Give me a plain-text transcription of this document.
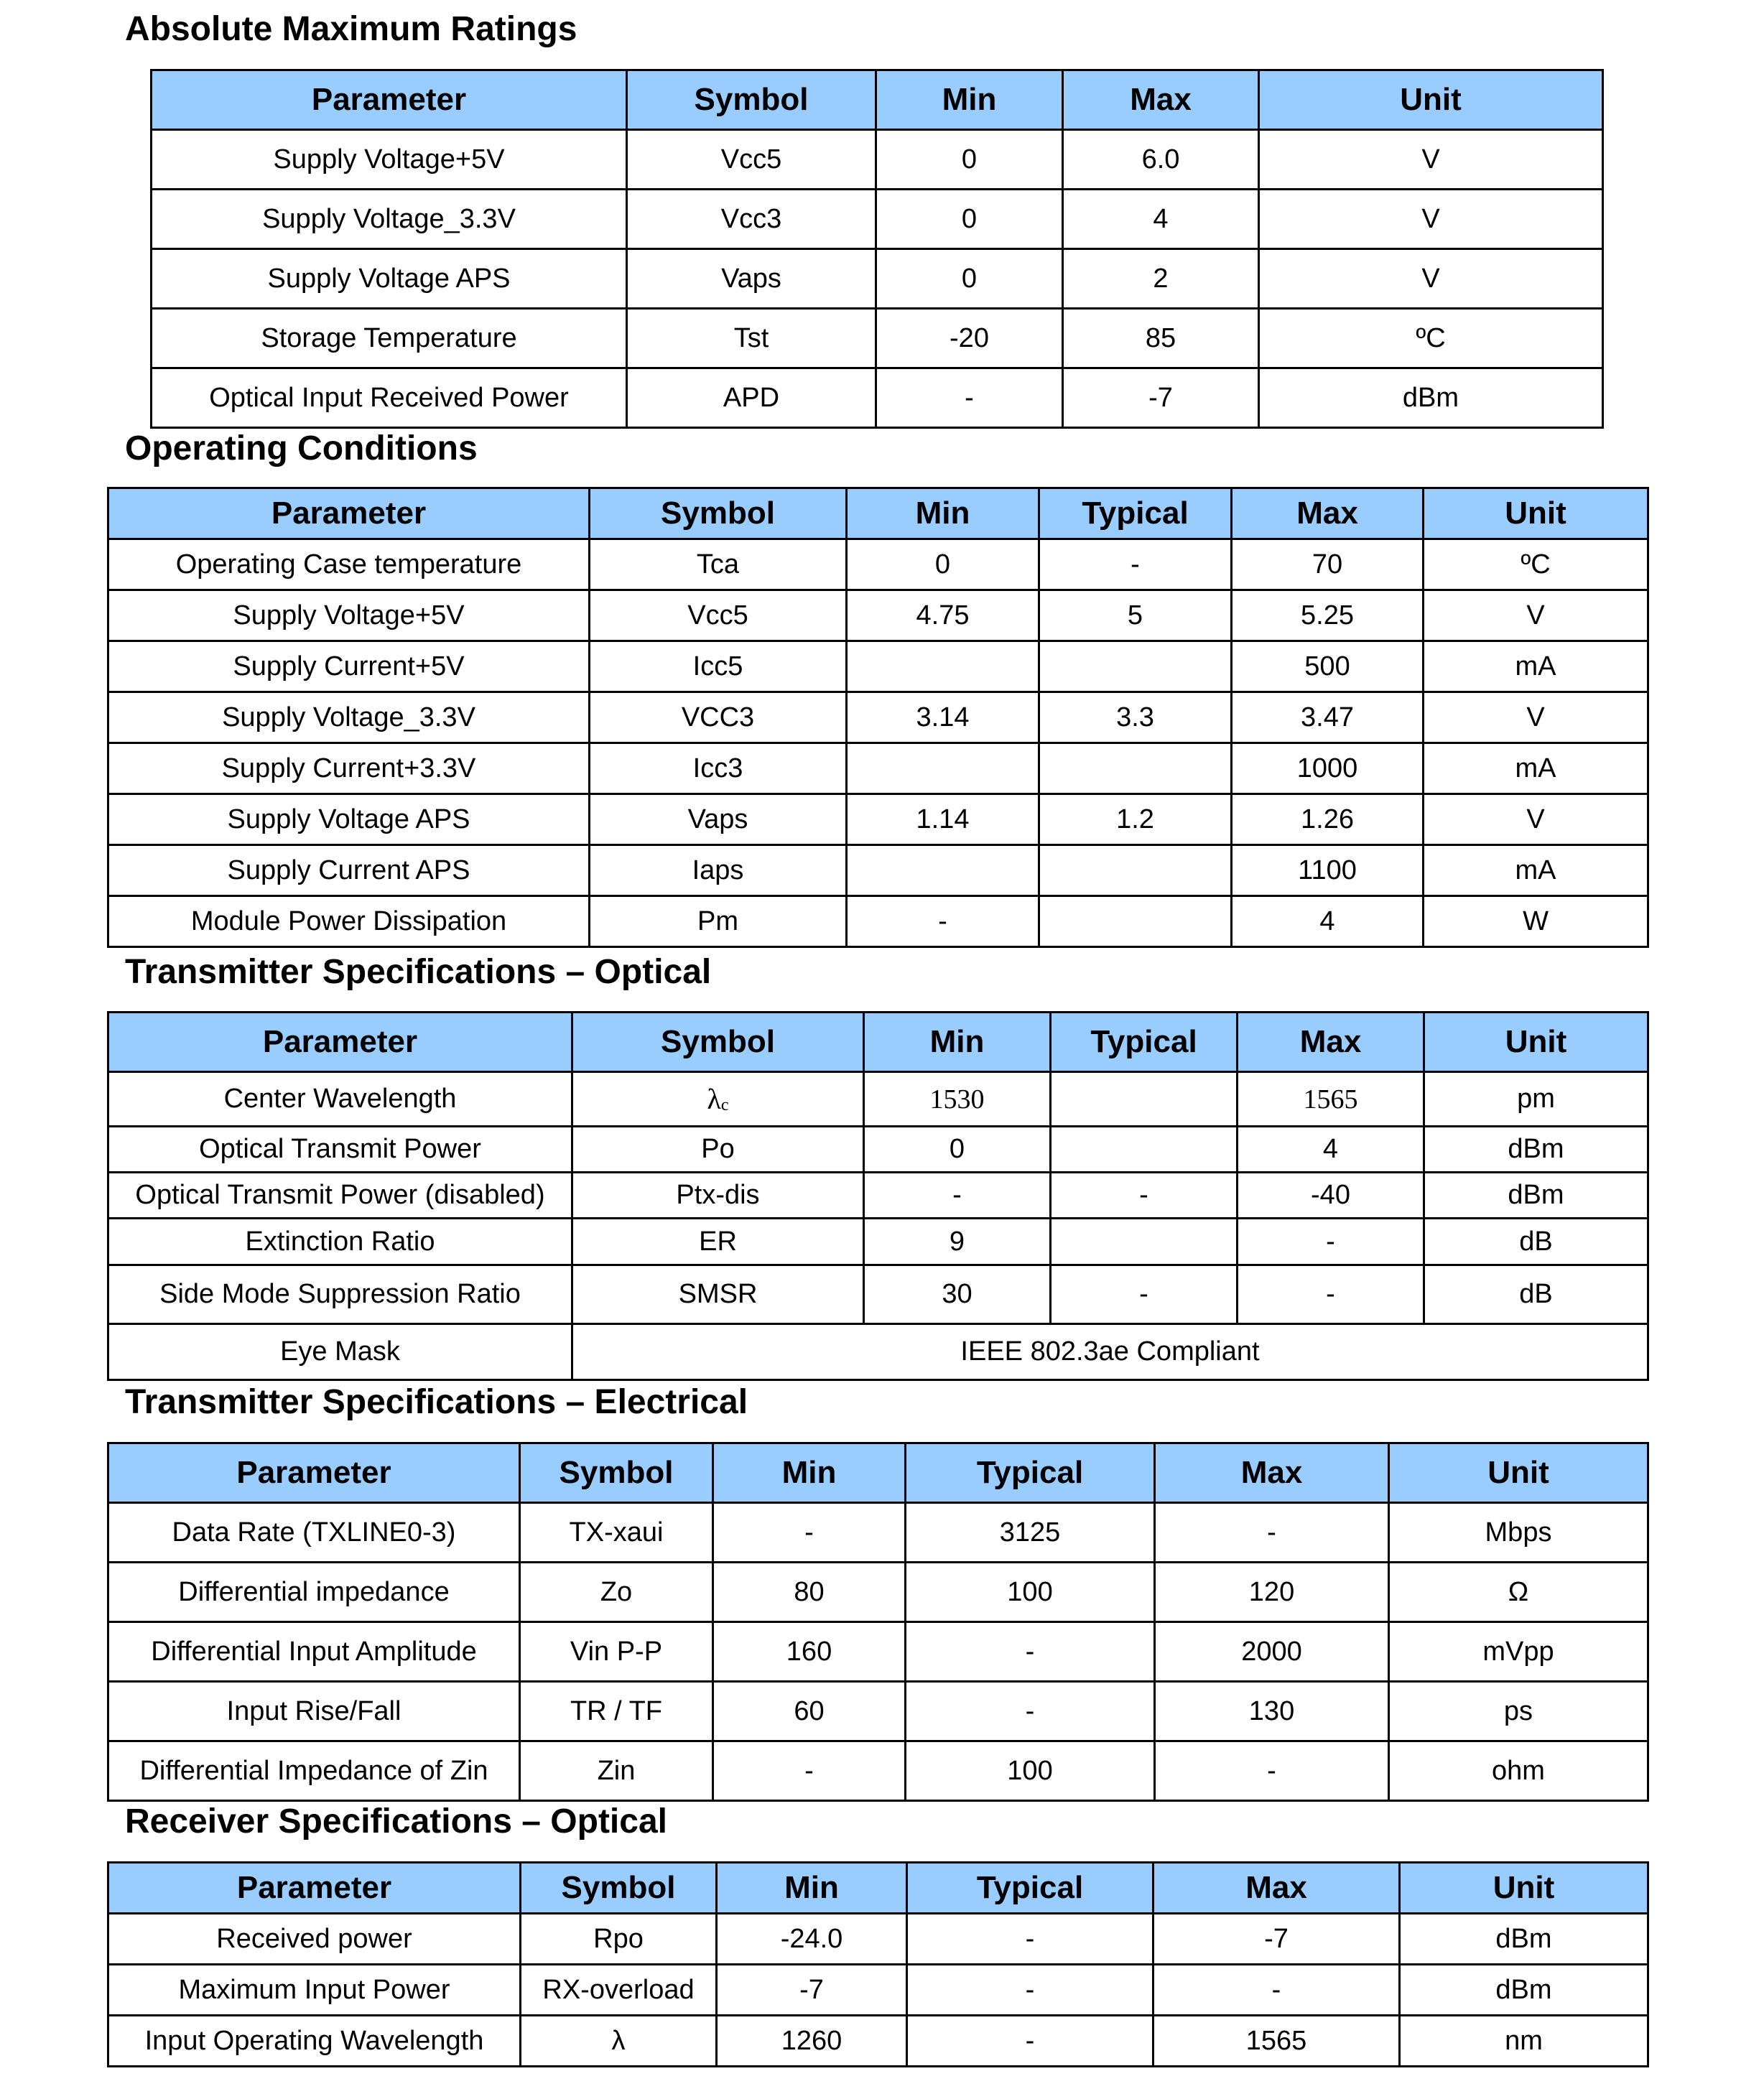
Absolute Maximum Ratings
Parameter	Symbol	Min	Max	Unit
Supply Voltage+5V	Vcc5	0	6.0	V
Supply Voltage_3.3V	Vcc3	0	4	V
Supply Voltage APS	Vaps	0	2	V
Storage Temperature	Tst	-20	85	ºC
Optical Input Received Power	APD	-	-7	dBm
Operating Conditions
Parameter	Symbol	Min	Typical	Max	Unit
Operating Case temperature	Tca	0	-	70	ºC
Supply Voltage+5V	Vcc5	4.75	5	5.25	V
Supply Current+5V	Icc5			500	mA
Supply Voltage_3.3V	VCC3	3.14	3.3	3.47	V
Supply Current+3.3V	Icc3			1000	mA
Supply Voltage APS	Vaps	1.14	1.2	1.26	V
Supply Current APS	Iaps			1100	mA
Module Power Dissipation	Pm	-		4	W
Transmitter Specifications – Optical
Parameter	Symbol	Min	Typical	Max	Unit
Center Wavelength	$\lambda_c$	1530		1565	pm
Optical Transmit Power	Po	0		4	dBm
Optical Transmit Power (disabled)	Ptx-dis	-	-	-40	dBm
Extinction Ratio	ER	9		-	dB
Side Mode Suppression Ratio	SMSR	30	-	-	dB
Eye Mask	IEEE 802.3ae Compliant				
Transmitter Specifications – Electrical
Parameter	Symbol	Min	Typical	Max	Unit
Data Rate (TXLINE0-3)	TX-xaui	-	3125	-	Mbps
Differential impedance	Zo	80	100	120	Ω
Differential Input Amplitude	Vin P-P	160	-	2000	mVpp
Input Rise/Fall	TR / TF	60	-	130	ps
Differential Impedance of Zin	Zin	-	100	-	ohm
Receiver Specifications – Optical
Parameter	Symbol	Min	Typical	Max	Unit
Received power	Rpo	-24.0	-	-7	dBm
Maximum Input Power	RX-overload	-7	-	-	dBm
Input Operating Wavelength	λ	1260	-	1565	nm
